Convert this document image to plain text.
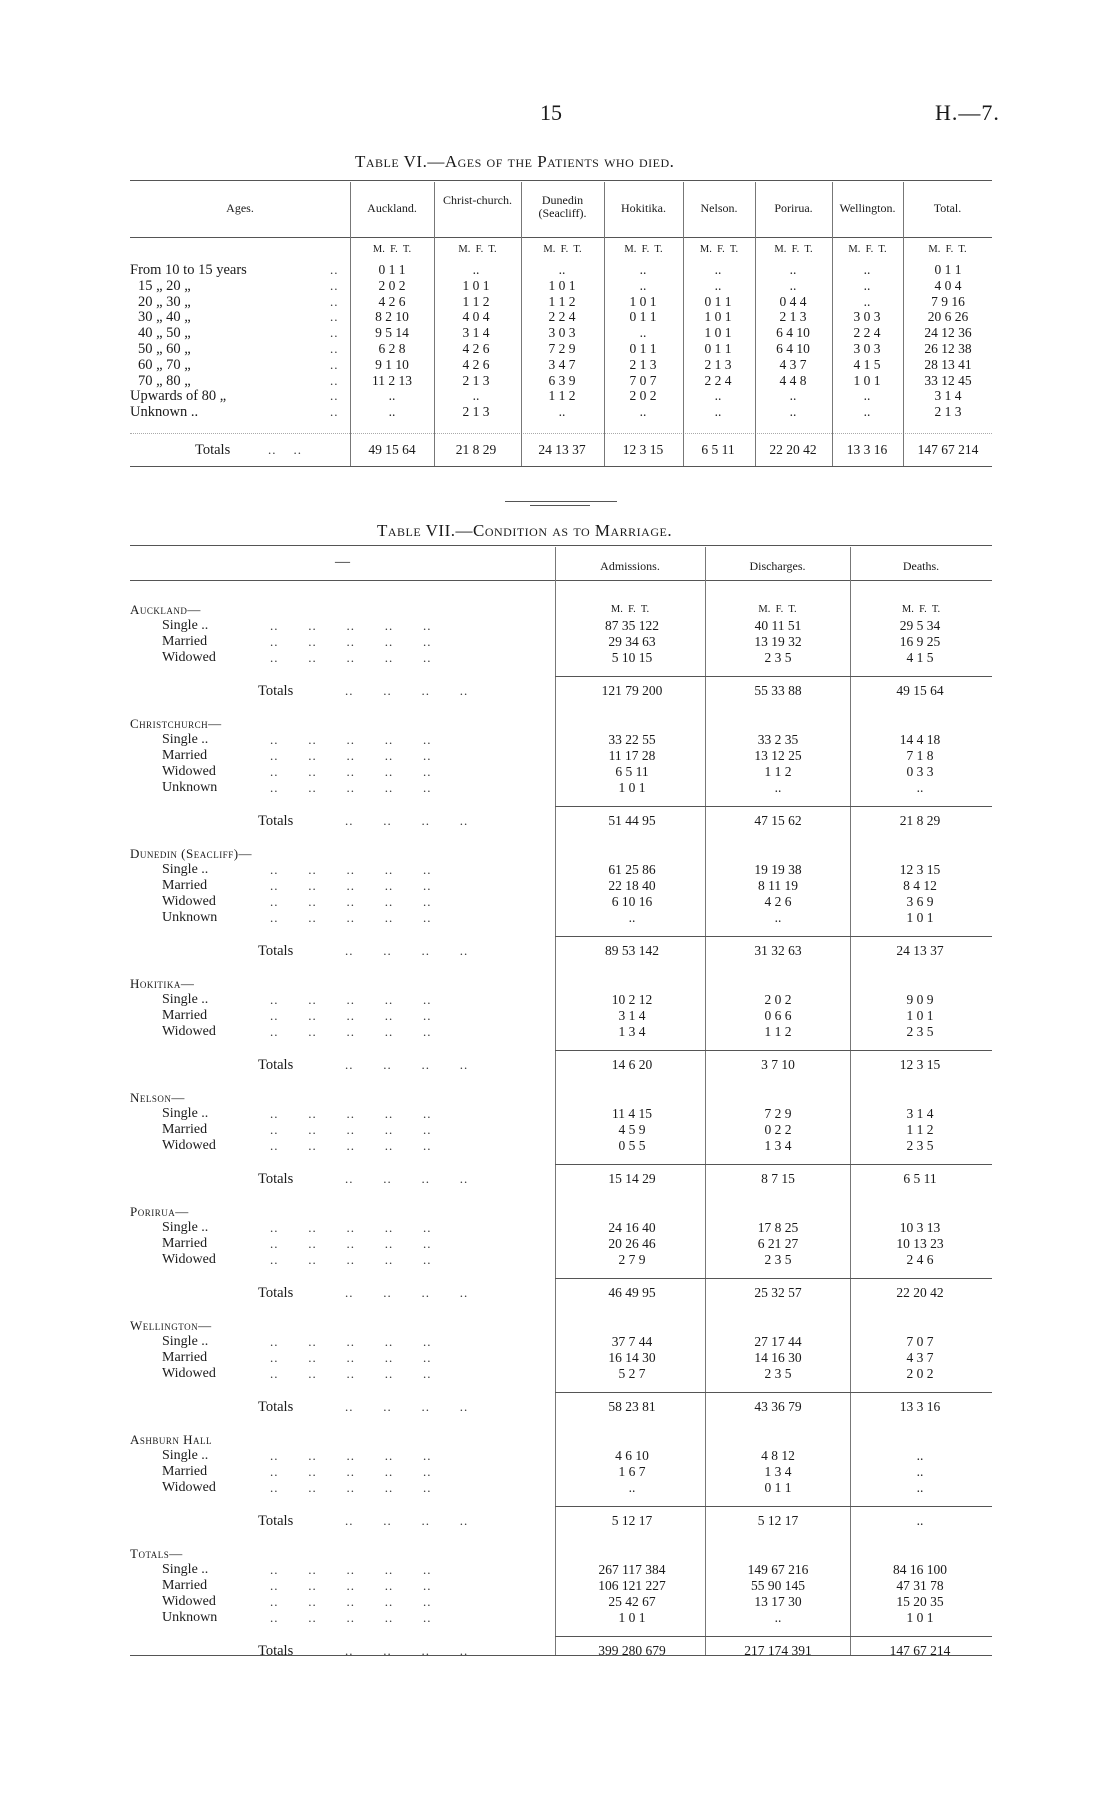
15	H.—7.
Table VI.—Ages of the Patients who died.
Ages.	Auckland.
M.  F.  T.
Christ-church.
M.  F.  T.
Dunedin (Seacliff).
M.  F.  T.
Hokitika.
M.  F.  T.
Nelson.
M.  F.  T.
Porirua.
M.  F.  T.
Wellington.
M.  F.  T.
Total.
M.  F.  T.
From 10 to 15 years	..	0 1 1	..	..	..	..	..	..	0 1 1
15 „ 20 „	..	2 0 2	1 0 1	1 0 1	..	..	..	..	4 0 4
20 „ 30 „	..	4 2 6	1 1 2	1 1 2	1 0 1	0 1 1	0 4 4	..	7 9 16
30 „ 40 „	..	8 2 10	4 0 4	2 2 4	0 1 1	1 0 1	2 1 3	3 0 3	20 6 26
40 „ 50 „	..	9 5 14	3 1 4	3 0 3	..	1 0 1	6 4 10	2 2 4	24 12 36
50 „ 60 „	..	6 2 8	4 2 6	7 2 9	0 1 1	0 1 1	6 4 10	3 0 3	26 12 38
60 „ 70 „	..	9 1 10	4 2 6	3 4 7	2 1 3	2 1 3	4 3 7	4 1 5	28 13 41
70 „ 80 „	..	11 2 13	2 1 3	6 3 9	7 0 7	2 2 4	4 4 8	1 0 1	33 12 45
Upwards of 80 „	..	..	..	1 1 2	2 0 2	..	..	..	3 1 4
Unknown ..	..	..	2 1 3	..	..	..	..	..	2 1 3
Totals	..    ..	49 15 64	21 8 29	24 13 37	12 3 15	6 5 11	22 20 42	13 3 16	147 67 214
Table VII.—Condition as to Marriage.
—	Admissions.
M.  F.  T.
Discharges.
M.  F.  T.
Deaths.
M.  F.  T.
Auckland—
Single ..	..       ..       ..       ..       ..	87 35 122	40 11 51	29 5 34
Married	..       ..       ..       ..       ..	29 34 63	13 19 32	16 9 25
Widowed	..       ..       ..       ..       ..	5 10 15	2 3 5	4 1 5
Totals	..       ..       ..       ..	121 79 200	55 33 88	49 15 64
Christchurch—
Single ..	..       ..       ..       ..       ..	33 22 55	33 2 35	14 4 18
Married	..       ..       ..       ..       ..	11 17 28	13 12 25	7 1 8
Widowed	..       ..       ..       ..       ..	6 5 11	1 1 2	0 3 3
Unknown	..       ..       ..       ..       ..	1 0 1	..	..
Totals	..       ..       ..       ..	51 44 95	47 15 62	21 8 29
Dunedin (Seacliff)—
Single ..	..       ..       ..       ..       ..	61 25 86	19 19 38	12 3 15
Married	..       ..       ..       ..       ..	22 18 40	8 11 19	8 4 12
Widowed	..       ..       ..       ..       ..	6 10 16	4 2 6	3 6 9
Unknown	..       ..       ..       ..       ..	..	..	1 0 1
Totals	..       ..       ..       ..	89 53 142	31 32 63	24 13 37
Hokitika—
Single ..	..       ..       ..       ..       ..	10 2 12	2 0 2	9 0 9
Married	..       ..       ..       ..       ..	3 1 4	0 6 6	1 0 1
Widowed	..       ..       ..       ..       ..	1 3 4	1 1 2	2 3 5
Totals	..       ..       ..       ..	14 6 20	3 7 10	12 3 15
Nelson—
Single ..	..       ..       ..       ..       ..	11 4 15	7 2 9	3 1 4
Married	..       ..       ..       ..       ..	4 5 9	0 2 2	1 1 2
Widowed	..       ..       ..       ..       ..	0 5 5	1 3 4	2 3 5
Totals	..       ..       ..       ..	15 14 29	8 7 15	6 5 11
Porirua—
Single ..	..       ..       ..       ..       ..	24 16 40	17 8 25	10 3 13
Married	..       ..       ..       ..       ..	20 26 46	6 21 27	10 13 23
Widowed	..       ..       ..       ..       ..	2 7 9	2 3 5	2 4 6
Totals	..       ..       ..       ..	46 49 95	25 32 57	22 20 42
Wellington—
Single ..	..       ..       ..       ..       ..	37 7 44	27 17 44	7 0 7
Married	..       ..       ..       ..       ..	16 14 30	14 16 30	4 3 7
Widowed	..       ..       ..       ..       ..	5 2 7	2 3 5	2 0 2
Totals	..       ..       ..       ..	58 23 81	43 36 79	13 3 16
Ashburn Hall
Single ..	..       ..       ..       ..       ..	4 6 10	4 8 12	..
Married	..       ..       ..       ..       ..	1 6 7	1 3 4	..
Widowed	..       ..       ..       ..       ..	..	0 1 1	..
Totals	..       ..       ..       ..	5 12 17	5 12 17	..
Totals—
Single ..	..       ..       ..       ..       ..	267 117 384	149 67 216	84 16 100
Married	..       ..       ..       ..       ..	106 121 227	55 90 145	47 31 78
Widowed	..       ..       ..       ..       ..	25 42 67	13 17 30	15 20 35
Unknown	..       ..       ..       ..       ..	1 0 1	..	1 0 1
Totals	..       ..       ..       ..	399 280 679	217 174 391	147 67 214
